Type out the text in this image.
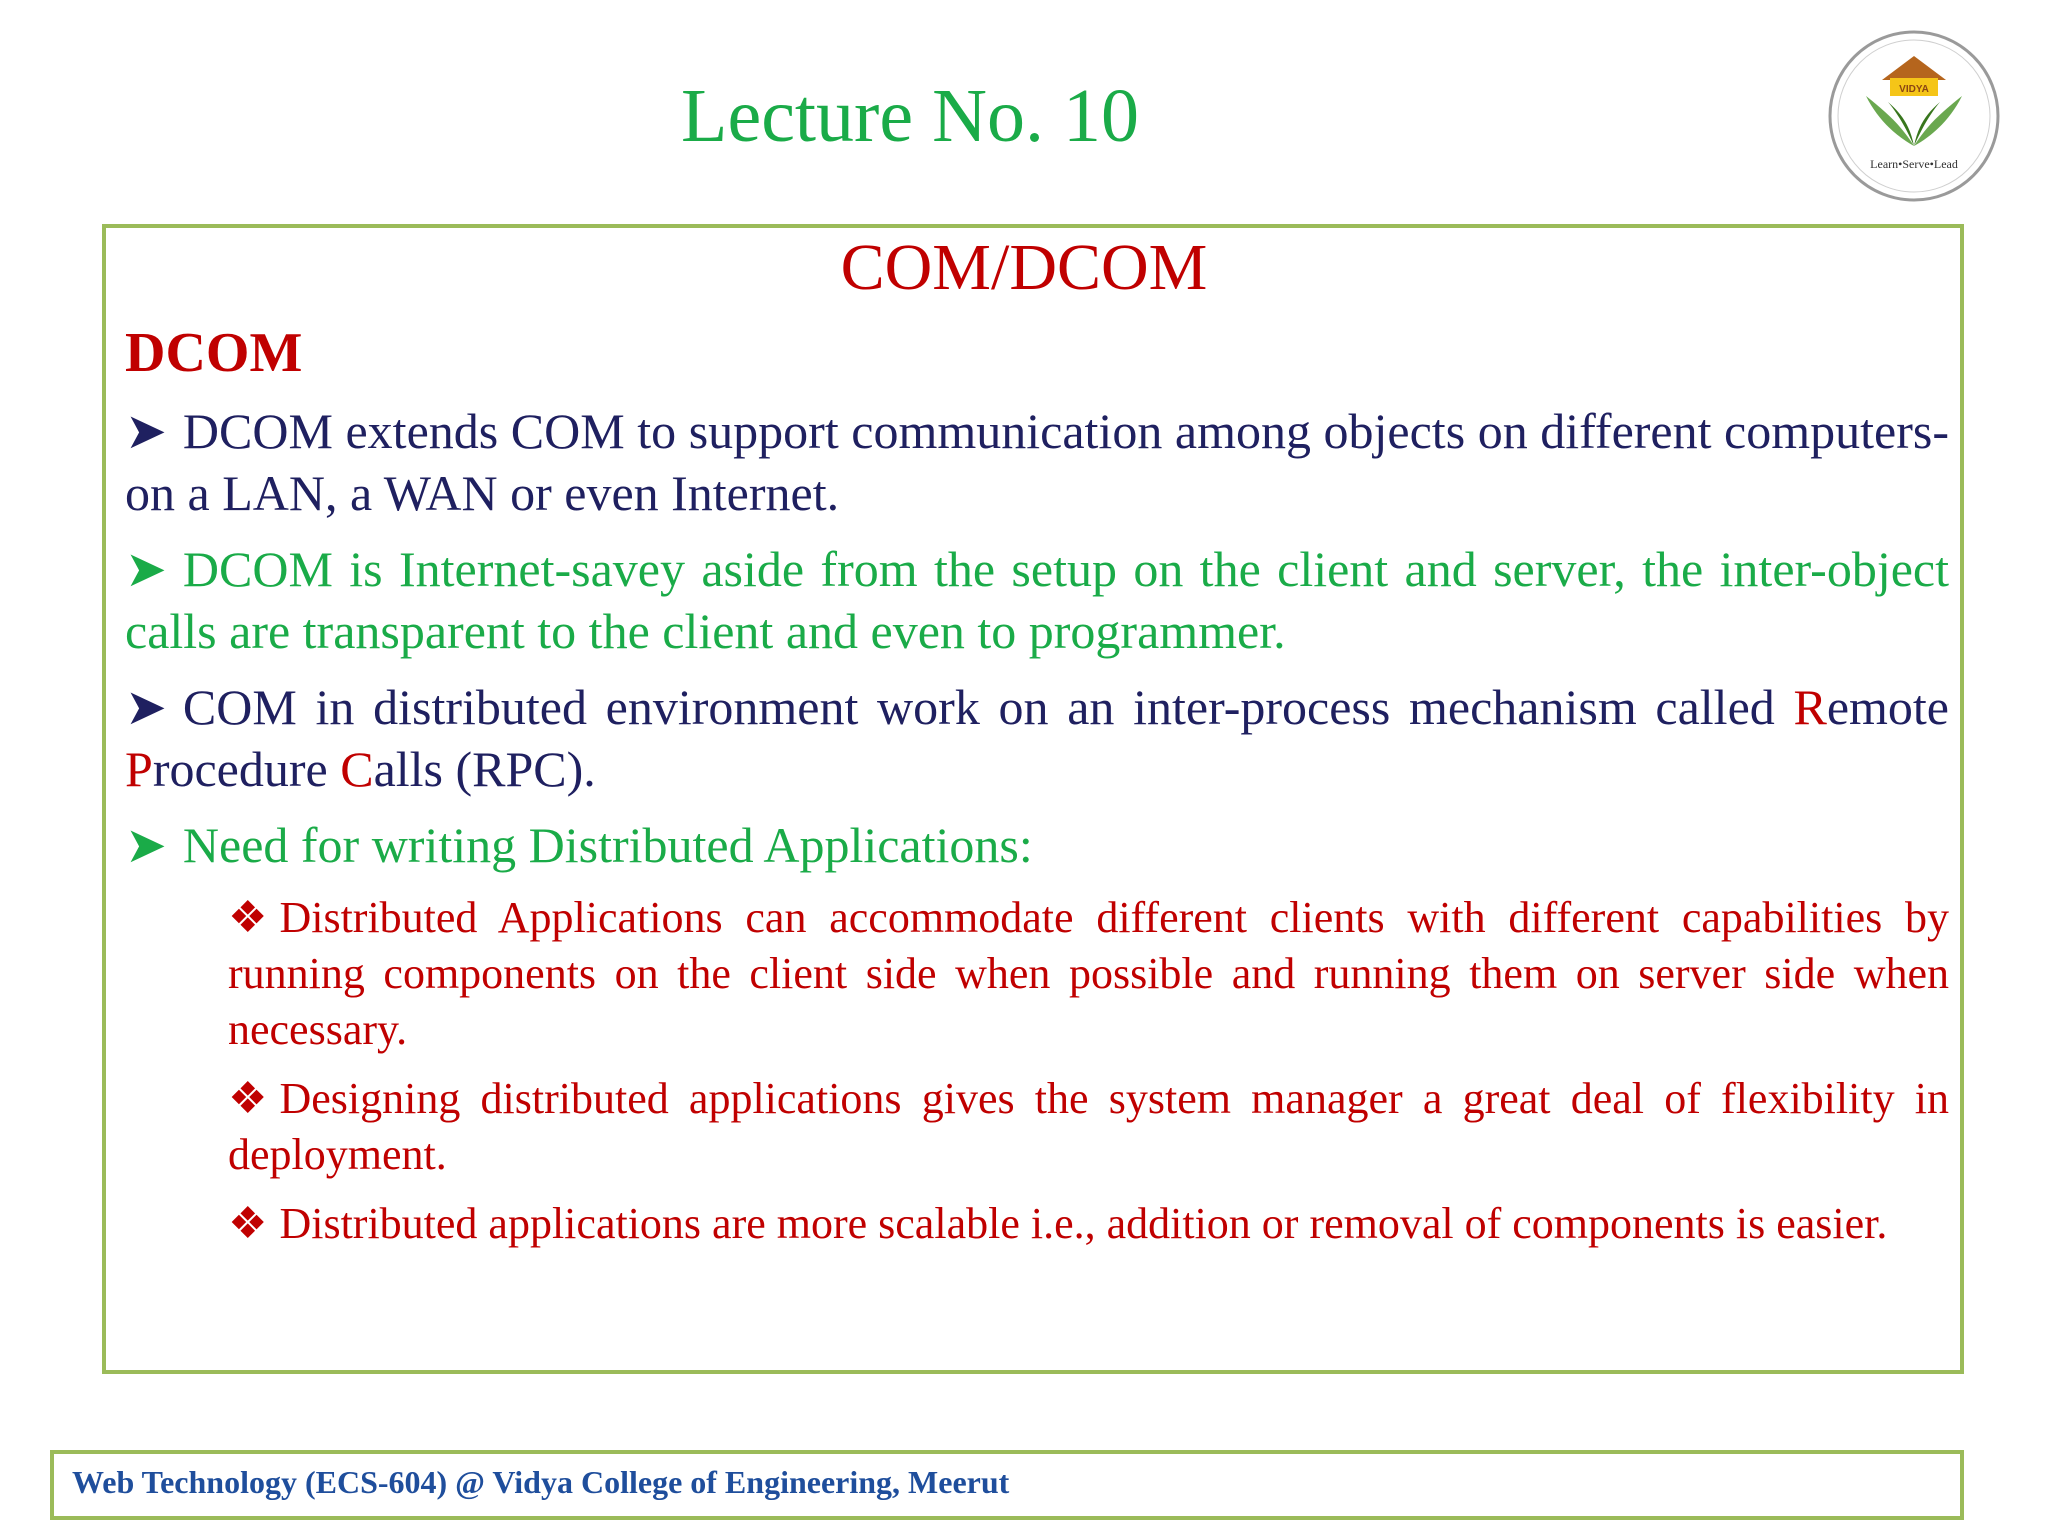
Lecture No. 10	VIDYA
Learn•Serve•Lead
COM/DCOM
DCOM
➤ DCOM extends COM to support communication among objects on different computers- on a LAN, a WAN or even Internet.
➤ DCOM is Internet-savey aside from the setup on the client and server, the inter-object calls are transparent to the client and even to programmer.
➤ COM in distributed environment work on an inter-process mechanism called Remote Procedure Calls (RPC).
➤ Need for writing Distributed Applications:
❖ Distributed Applications can accommodate different clients with different capabilities by running components on the client side when possible and running them on server side when necessary.
❖ Designing distributed applications gives the system manager a great deal of flexibility in deployment.
❖ Distributed applications are more scalable i.e., addition or removal of components is easier.
Web Technology (ECS-604) @ Vidya College of Engineering, Meerut
